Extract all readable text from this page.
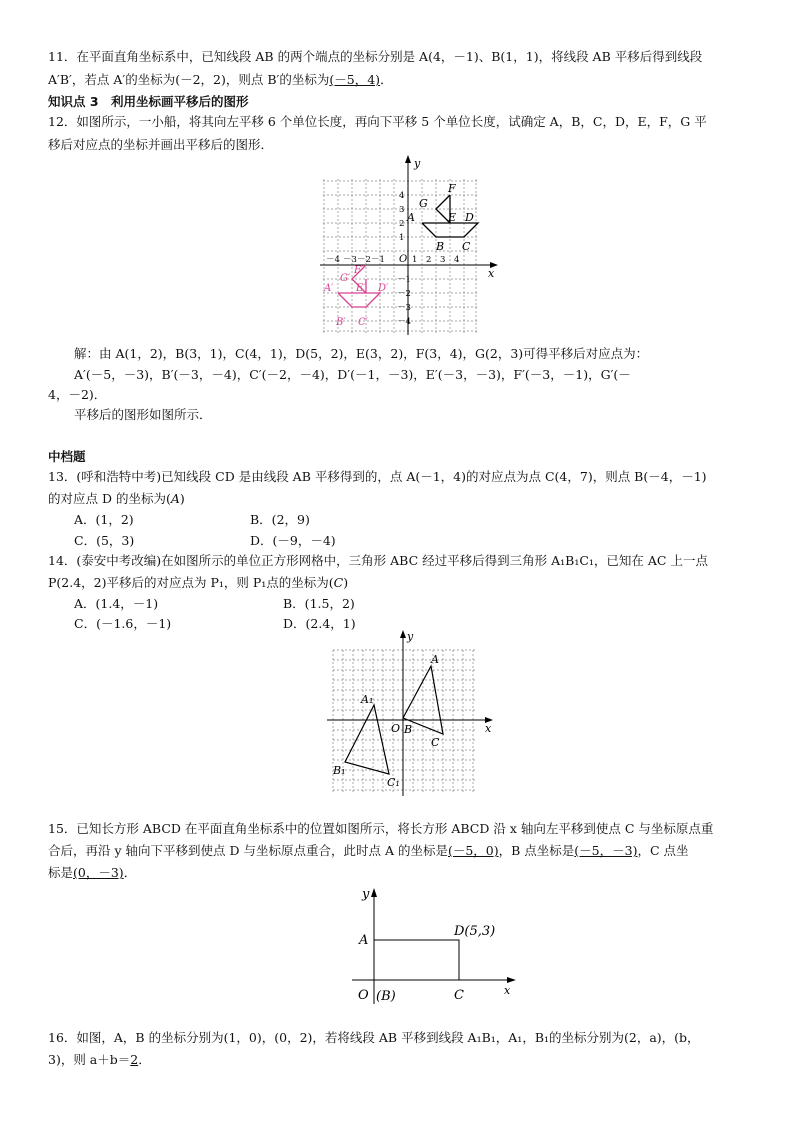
11．在平面直角坐标系中，已知线段 AB 的两个端点的坐标分别是 A(4，－1)、B(1，1)，将线段 AB 平移后得到线段
A′B′，若点 A′的坐标为(－2，2)，则点 B′的坐标为(－5，4)．
知识点 3　利用坐标画平移后的图形
12．如图所示，一小船，将其向左平移 6 个单位长度，再向下平移 5 个单位长度，试确定 A，B，C，D，E，F，G 平
移后对应点的坐标并画出平移后的图形．
y
x
O
－4 －3 －2 －1	1 2 3 4
4
3
2
1
－1
－2
－3
－4
A
B C
D
E
F
G
A′
B′ C′
D′
E′
F′
G′
解：由 A(1，2)，B(3，1)，C(4，1)，D(5，2)，E(3，2)，F(3，4)，G(2，3)可得平移后对应点为：
A′(－5，－3)，B′(－3，－4)，C′(－2，－4)，D′(－1，－3)，E′(－3，－3)，F′(－3，－1)，G′(－
4，－2)．
平移后的图形如图所示．
中档题
13．(呼和浩特中考)已知线段 CD 是由线段 AB 平移得到的，点 A(－1，4)的对应点为点 C(4，7)，则点 B(－4，－1)
的对应点 D 的坐标为(A)
A．(1，2)	B．(2，9)
C．(5，3)	D．(－9，－4)
14．(泰安中考改编)在如图所示的单位正方形网格中，三角形 ABC 经过平移后得到三角形 A₁B₁C₁，已知在 AC 上一点
P(2.4，2)平移后的对应点为 P₁，则 P₁点的坐标为(C)
A．(1.4，－1)	B．(1.5，2)
C．(－1.6，－1)	D．(2.4，1)
y
x
O
A
B
C
A₁
B₁
C₁
15．已知长方形 ABCD 在平面直角坐标系中的位置如图所示，将长方形 ABCD 沿 x 轴向左平移到使点 C 与坐标原点重
合后，再沿 y 轴向下平移到使点 D 与坐标原点重合，此时点 A 的坐标是(－5，0)，B 点坐标是(－5，－3)，C 点坐
标是(0，－3)．
y
x
O (B)	C
A
D(5,3)
16．如图，A，B 的坐标分别为(1，0)，(0，2)，若将线段 AB 平移到线段 A₁B₁，A₁，B₁的坐标分别为(2，a)，(b，
3)，则 a＋b＝2．
